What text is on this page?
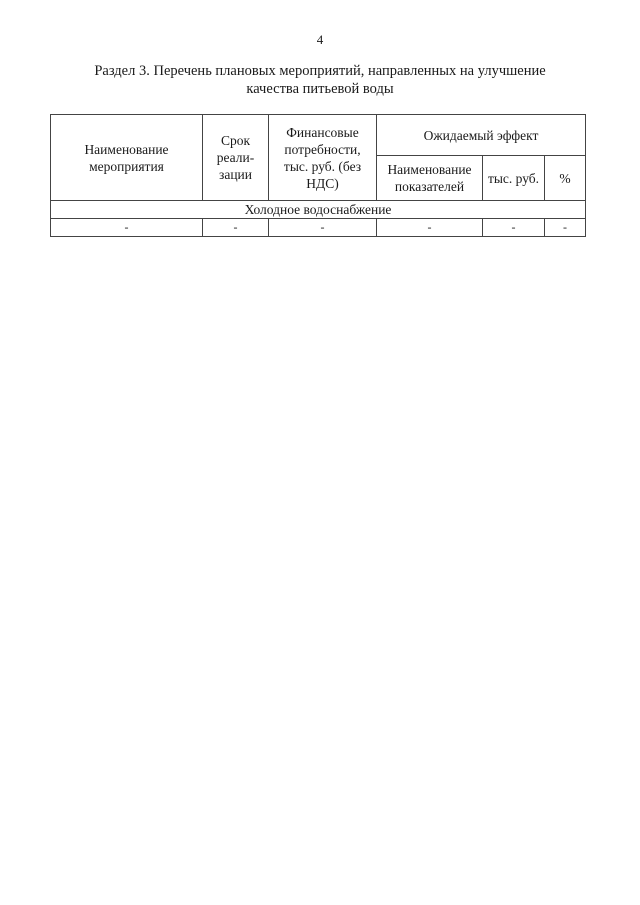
4
Раздел 3. Перечень плановых мероприятий, направленных на улучшение
качества питьевой воды
Наименование мероприятия	Срок реали- зации	Финансовые потребности, тыс. руб. (без НДС)	Ожидаемый эффект		
			Наименование показателей	тыс. руб.	%
Холодное водоснабжение					
-	-	-	-	-	-
